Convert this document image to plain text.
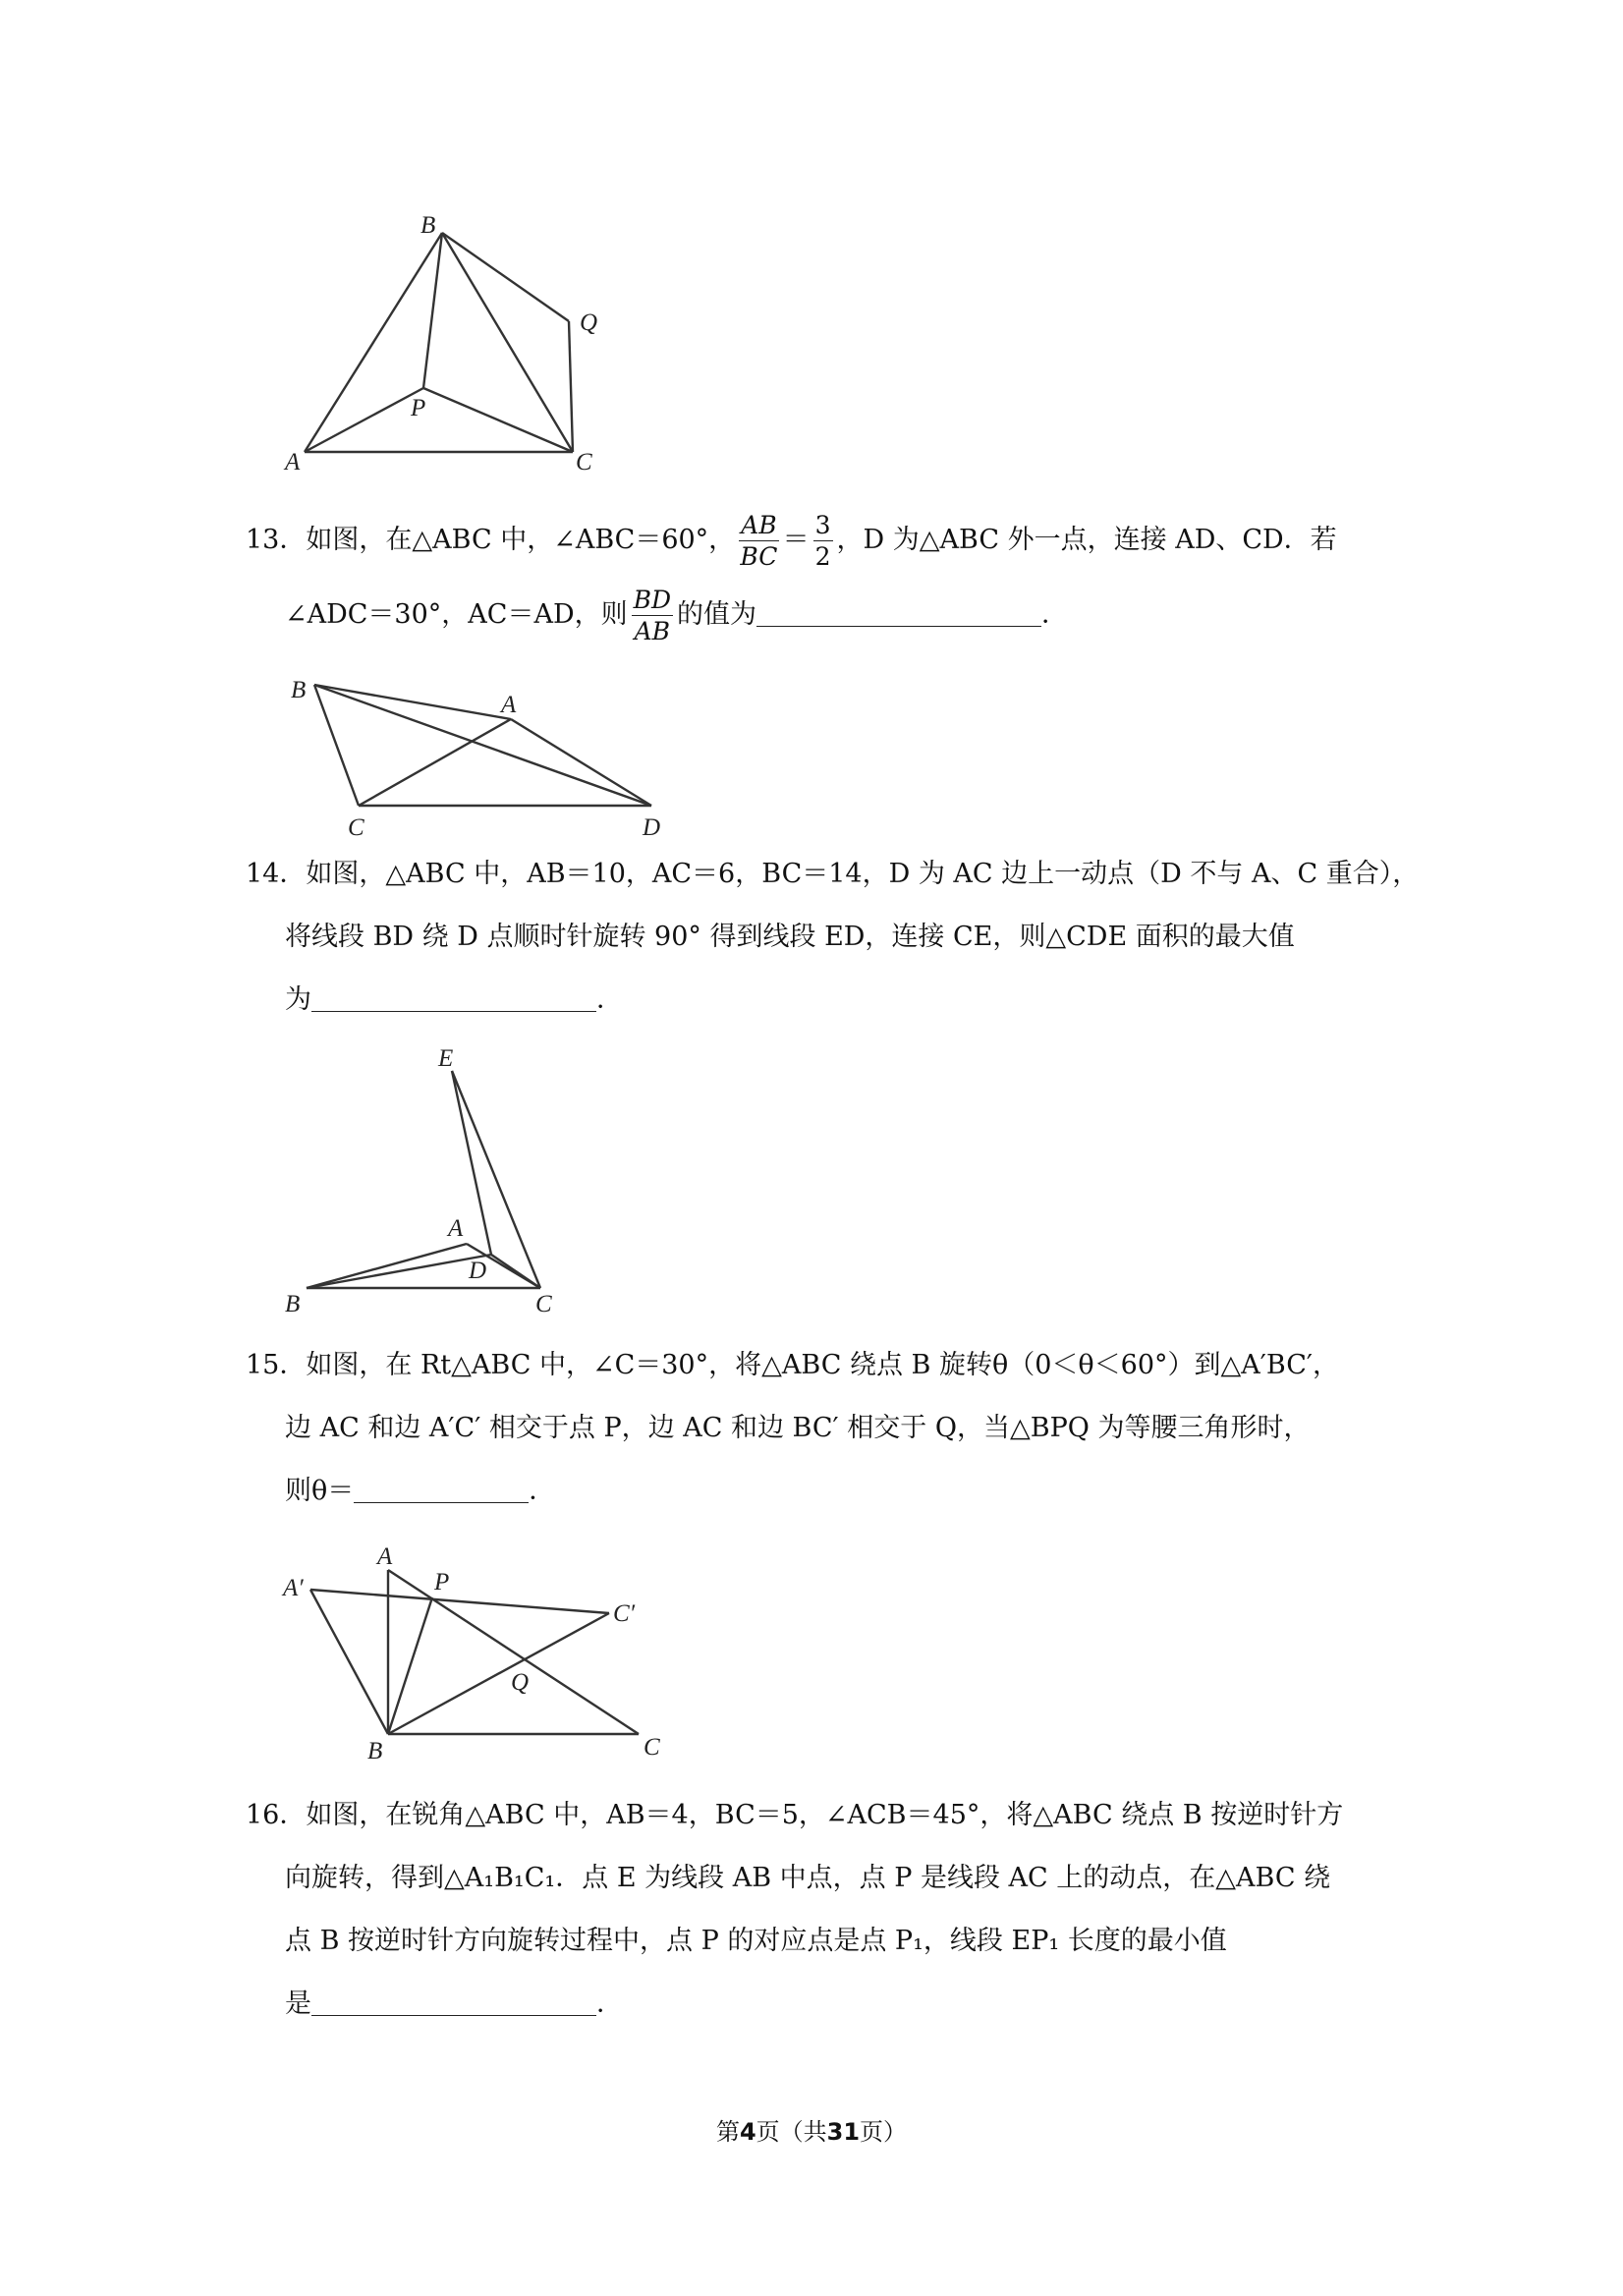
B
Q
P
A	C
13．如图，在△ABC 中，∠ABC＝60°， $\frac{AB}{BC} = \frac{3}{2}$ ，D 为△ABC 外一点，连接 AD、CD．若
∠ADC＝30°，AC＝AD，则 $\frac{BD}{AB}$ 的值为	．
B
A
C	D
14．如图，△ABC 中，AB＝10，AC＝6，BC＝14，D 为 AC 边上一动点（D 不与 A、C 重合），
将线段 BD 绕 D 点顺时针旋转 90° 得到线段 ED，连接 CE，则△CDE 面积的最大值
为	．
E
A
D
B	C
15．如图，在 Rt△ABC 中，∠C＝30°，将△ABC 绕点 B 旋转θ（0＜θ＜60°）到△A′BC′，
边 AC 和边 A′C′ 相交于点 P，边 AC 和边 BC′ 相交于 Q，当△BPQ 为等腰三角形时，
则θ＝	．
A
A′	P
C′
Q
B	C
16．如图，在锐角△ABC 中，AB＝4，BC＝5，∠ACB＝45°，将△ABC 绕点 B 按逆时针方
向旋转，得到△A₁B₁C₁．点 E 为线段 AB 中点，点 P 是线段 AC 上的动点，在△ABC 绕
点 B 按逆时针方向旋转过程中，点 P 的对应点是点 P₁，线段 EP₁ 长度的最小值
是	．
第4页（共31页）
